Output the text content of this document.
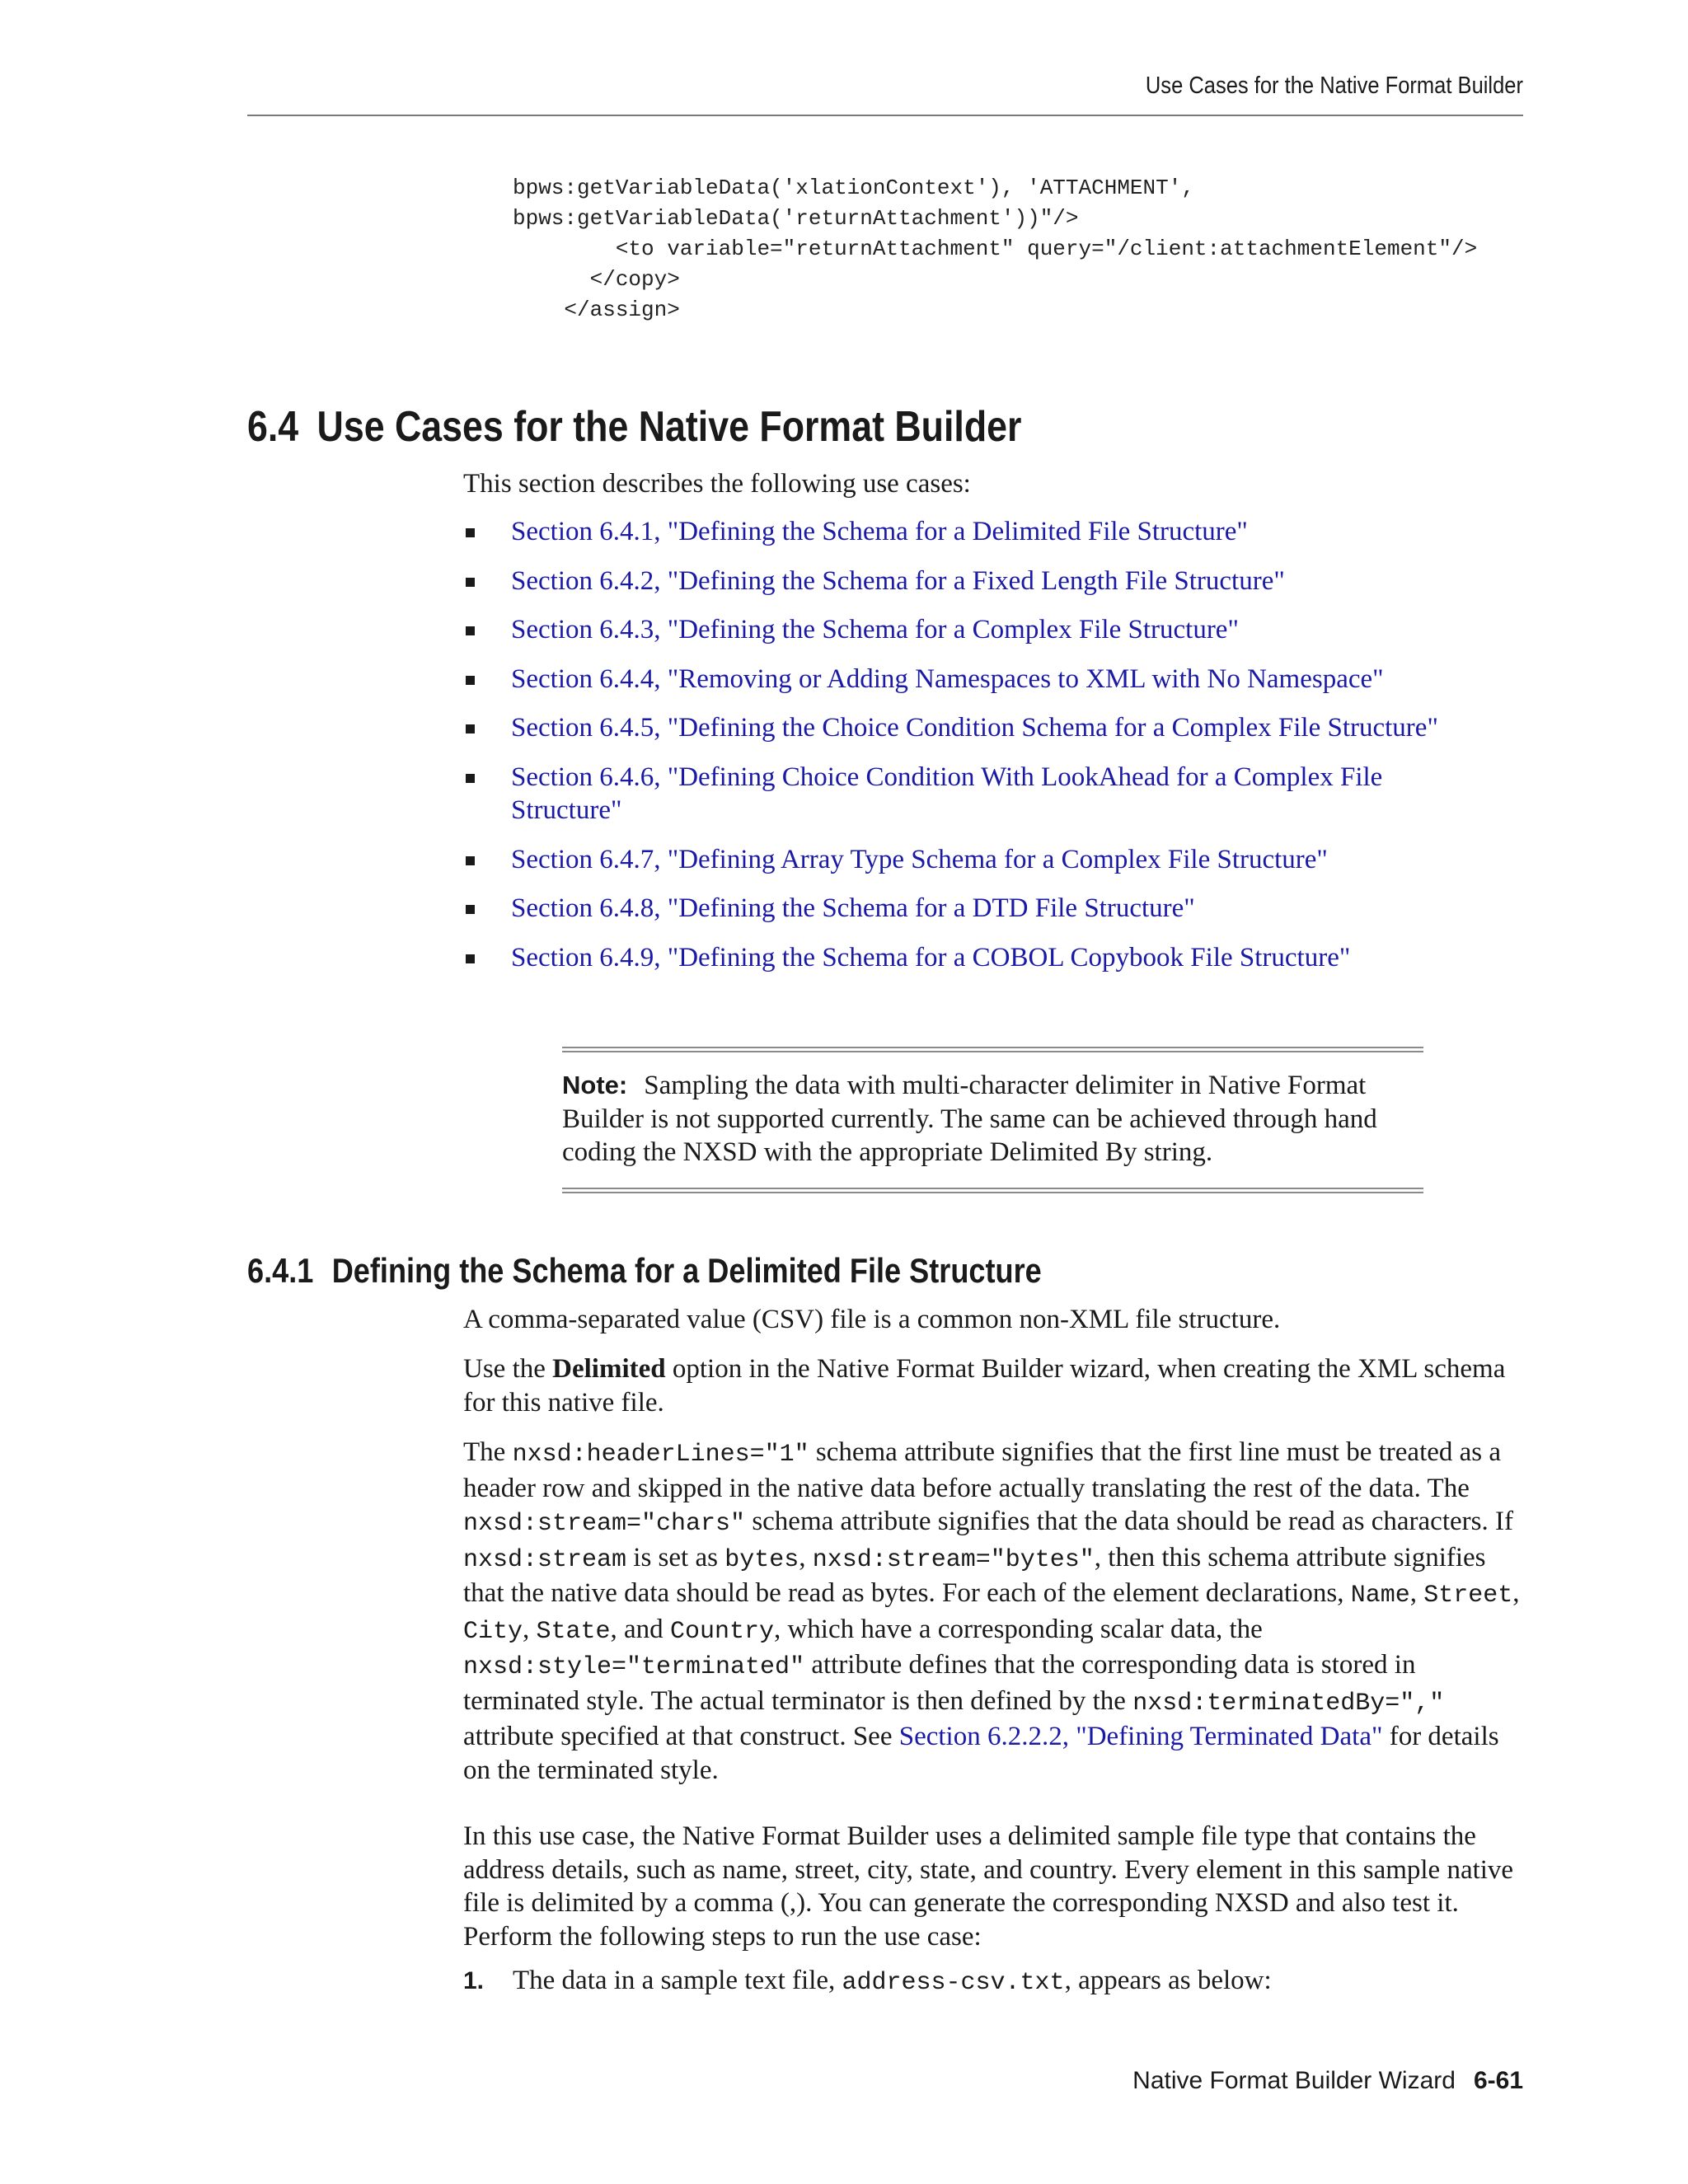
Use Cases for the Native Format Builder
bpws:getVariableData('xlationContext'), 'ATTACHMENT',
bpws:getVariableData('returnAttachment'))"/>
<to variable="returnAttachment" query="/client:attachmentElement"/>
</copy>
</assign>
6.4 Use Cases for the Native Format Builder

This section describes the following use cases:

Section 6.4.1, "Defining the Schema for a Delimited File Structure"
Section 6.4.2, "Defining the Schema for a Fixed Length File Structure"
Section 6.4.3, "Defining the Schema for a Complex File Structure"
Section 6.4.4, "Removing or Adding Namespaces to XML with No Namespace"
Section 6.4.5, "Defining the Choice Condition Schema for a Complex File Structure"
Section 6.4.6, "Defining Choice Condition With LookAhead for a Complex File Structure"
Section 6.4.7, "Defining Array Type Schema for a Complex File Structure"
Section 6.4.8, "Defining the Schema for a DTD File Structure"
Section 6.4.9, "Defining the Schema for a COBOL Copybook File Structure"
Note: Sampling the data with multi-character delimiter in Native Format Builder is not supported currently. The same can be achieved through hand coding the NXSD with the appropriate Delimited By string.
6.4.1 Defining the Schema for a Delimited File Structure

A comma-separated value (CSV) file is a common non-XML file structure.

Use the Delimited option in the Native Format Builder wizard, when creating the XML schema for this native file.

The nxsd:headerLines="1" schema attribute signifies that the first line must be treated as a header row and skipped in the native data before actually translating the rest of the data. The nxsd:stream="chars" schema attribute signifies that the data should be read as characters. If nxsd:stream is set as bytes, nxsd:stream="bytes", then this schema attribute signifies that the native data should be read as bytes. For each of the element declarations, Name, Street, City, State, and Country, which have a corresponding scalar data, the nxsd:style="terminated" attribute defines that the corresponding data is stored in terminated style. The actual terminator is then defined by the nxsd:terminatedBy="," attribute specified at that construct. See Section 6.2.2.2, "Defining Terminated Data" for details on the terminated style.

In this use case, the Native Format Builder uses a delimited sample file type that contains the address details, such as name, street, city, state, and country. Every element in this sample native file is delimited by a comma (,). You can generate the corresponding NXSD and also test it. Perform the following steps to run the use case:

1. The data in a sample text file, address-csv.txt, appears as below:
Native Format Builder Wizard 6-61
